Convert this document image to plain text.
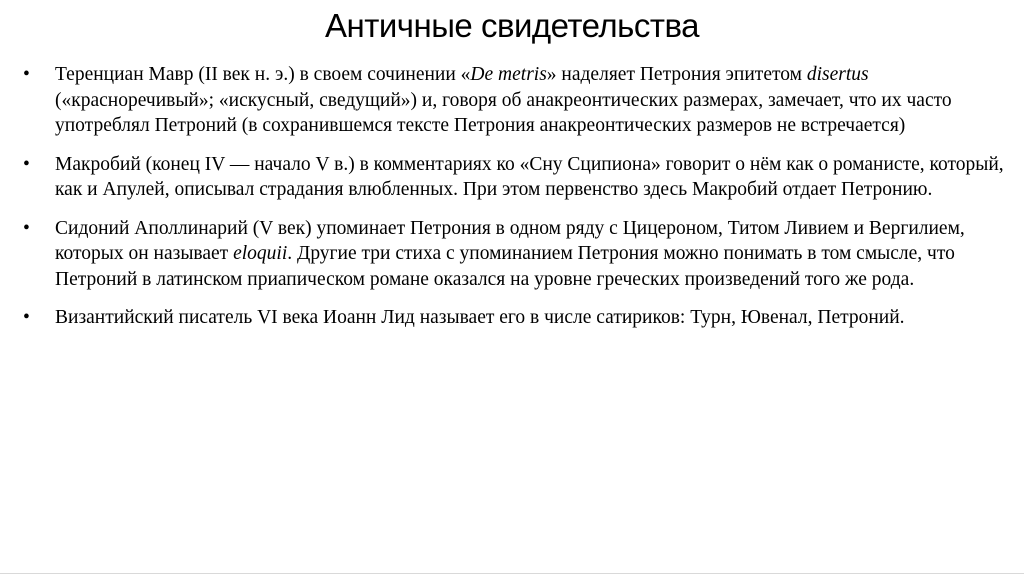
Античные свидетельства
• Теренциан Мавр (II век н. э.) в своем сочинении «De metris» наделяет Петрония эпитетом disertus («красноречивый»; «искусный, сведущий») и, говоря об анакреонтических размерах, замечает, что их часто употреблял Петроний (в сохранившемся тексте Петрония анакреонтических размеров не встречается)
• Макробий (конец IV — начало V в.) в комментариях ко «Сну Сципиона» говорит о нём как о романисте, который, как и Апулей, описывал страдания влюбленных. При этом первенство здесь Макробий отдает Петронию.
• Сидоний Аполлинарий (V век) упоминает Петрония в одном ряду с Цицероном, Титом Ливием и Вергилием, которых он называет eloquii. Другие три стиха с упоминанием Петрония можно понимать в том смысле, что Петроний в латинском приапическом романе оказался на уровне греческих произведений того же рода.
• Византийский писатель VI века Иоанн Лид называет его в числе сатириков: Турн, Ювенал, Петроний.
